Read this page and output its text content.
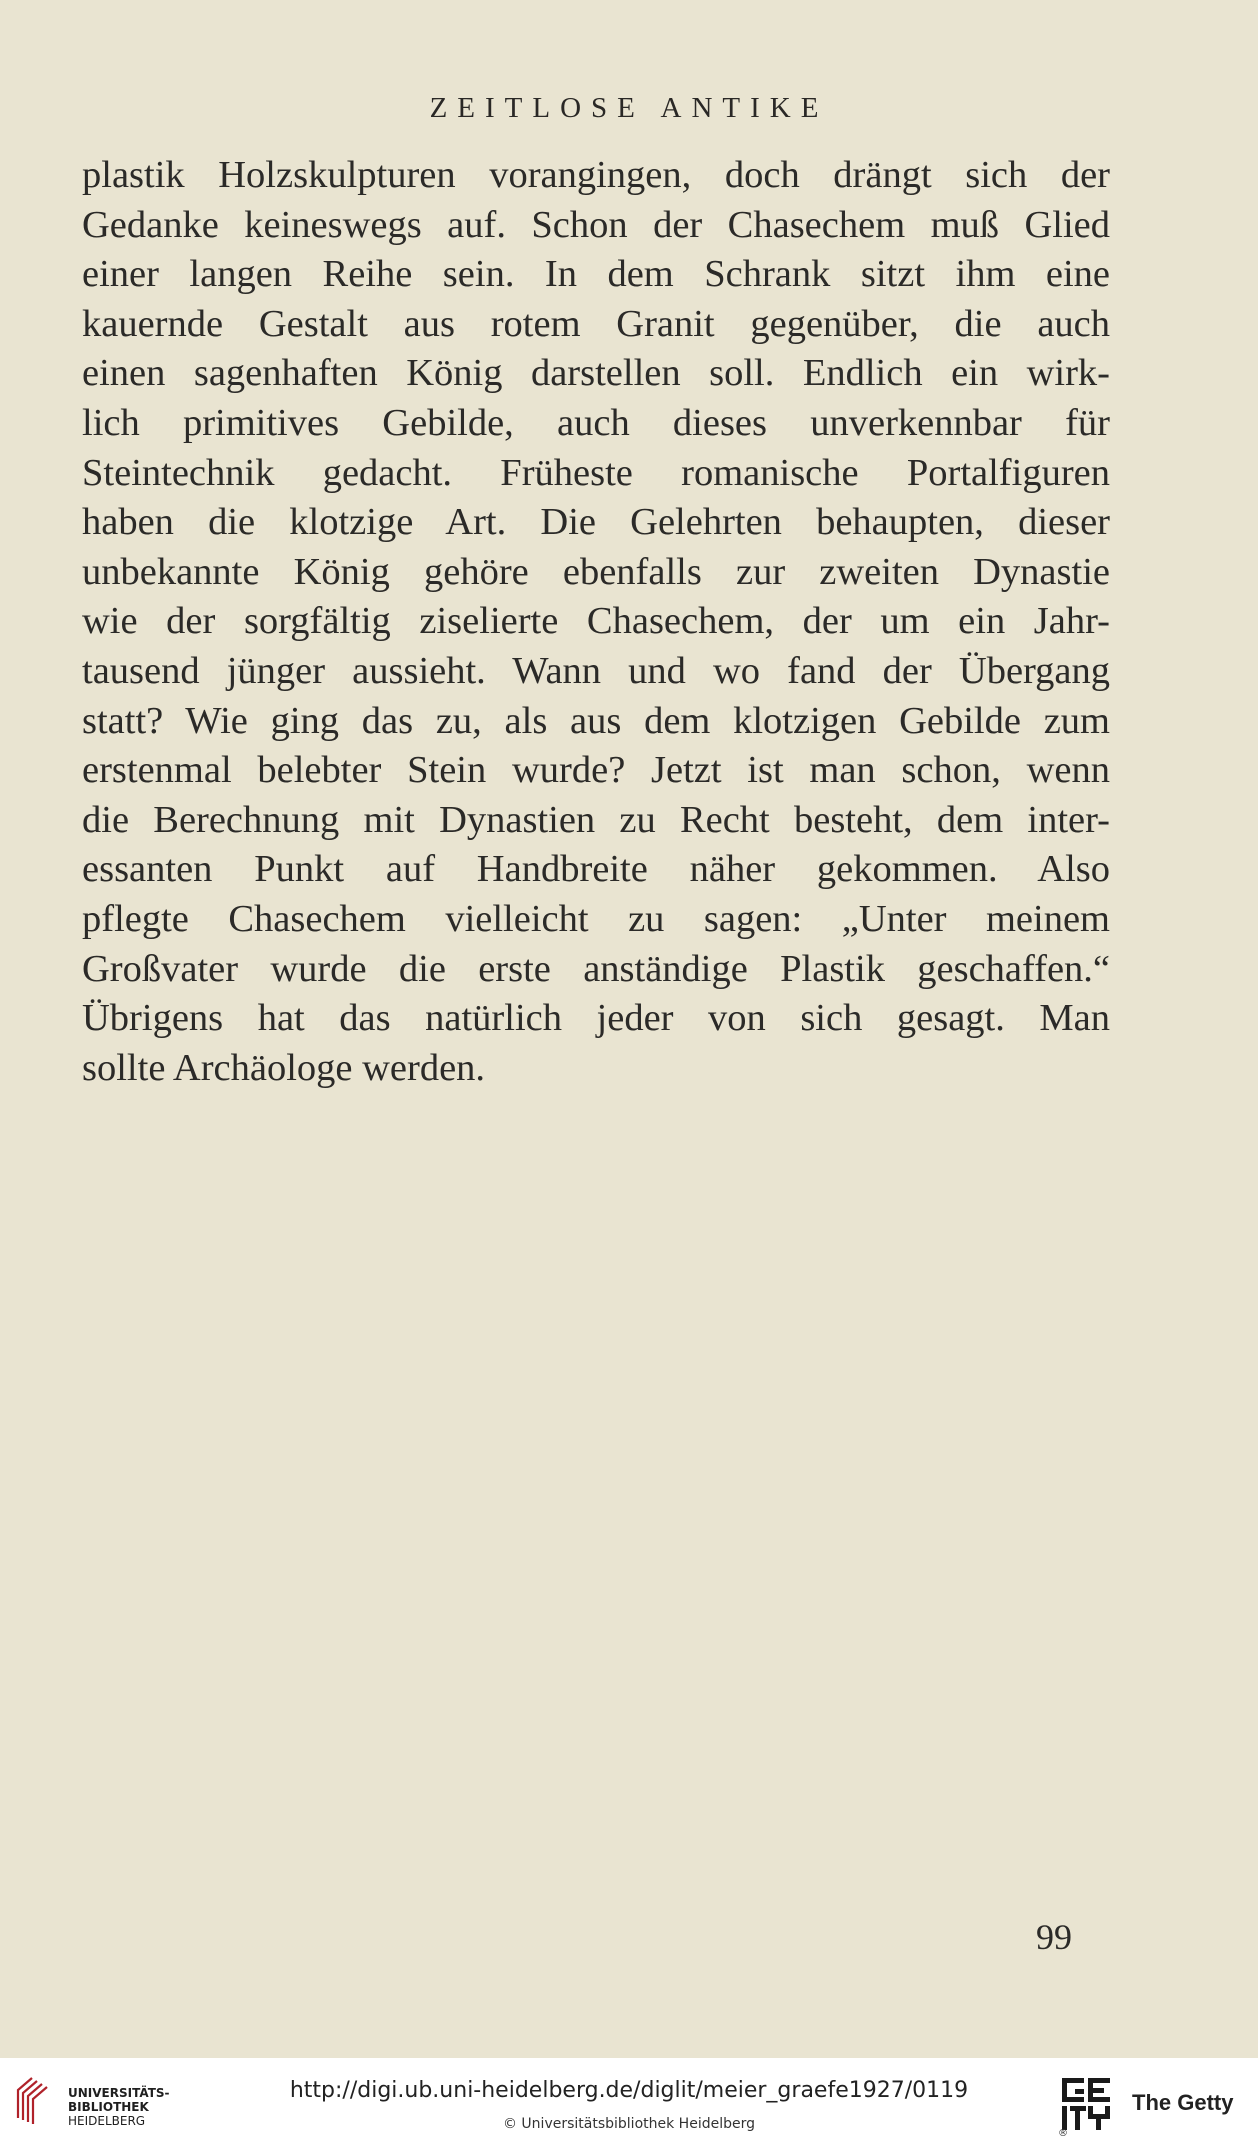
ZEITLOSE ANTIKE
plastik Holzskulpturen vorangingen, doch drängt sich der
Gedanke keineswegs auf. Schon der Chasechem muß Glied
einer langen Reihe sein. In dem Schrank sitzt ihm eine
kauernde Gestalt aus rotem Granit gegenüber, die auch
einen sagenhaften König darstellen soll. Endlich ein wirk-
lich primitives Gebilde, auch dieses unverkennbar für
Steintechnik gedacht. Früheste romanische Portalfiguren
haben die klotzige Art. Die Gelehrten behaupten, dieser
unbekannte König gehöre ebenfalls zur zweiten Dynastie
wie der sorgfältig ziselierte Chasechem, der um ein Jahr-
tausend jünger aussieht. Wann und wo fand der Übergang
statt? Wie ging das zu, als aus dem klotzigen Gebilde zum
erstenmal belebter Stein wurde? Jetzt ist man schon, wenn
die Berechnung mit Dynastien zu Recht besteht, dem inter-
essanten Punkt auf Handbreite näher gekommen. Also
pflegte Chasechem vielleicht zu sagen: „Unter meinem
Großvater wurde die erste anständige Plastik geschaffen.“
Übrigens hat das natürlich jeder von sich gesagt. Man
sollte Archäologe werden.
99
UNIVERSITÄTS-
BIBLIOTHEK
HEIDELBERG
http://digi.ub.uni-heidelberg.de/diglit/meier_graefe1927/0119
© Universitätsbibliothek Heidelberg
®
The Getty
